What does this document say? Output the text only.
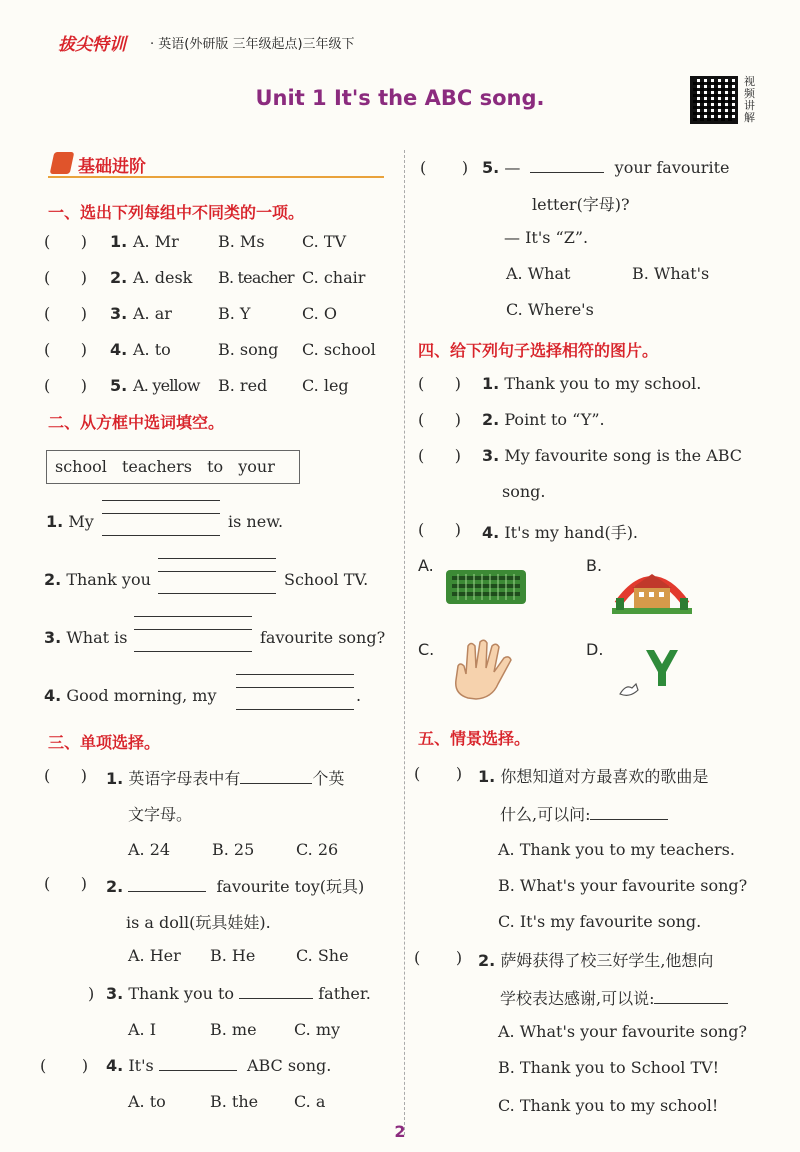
拔尖特训 · 英语(外研版 三年级起点)三年级下
Unit 1 It's the ABC song.
视频讲解
基础进阶
一、选出下列每组中不同类的一项。
(      ) 1. A. Mr B. Ms C. TV
(      ) 2. A. desk B. teacher C. chair
(      ) 3. A. ar	B. Y	C. O
(      ) 4. A. to	B. song C. school
(      ) 5. A. yellow B. red C. leg
二、从方框中选词填空。
school teachers to your
1. My	is new.
2. Thank you	School TV.
3. What is	favourite song?
4. Good morning, my	.
三、单项选择。
(      ) 1. 英语字母表中有	个英
文字母。
A. 24	B. 25	C. 26
(      ) 2.	favourite toy(玩具)
is a doll(玩具娃娃).
A. Her B. He	C. She
) 3. Thank you to	father.
A. I	B. me C. my
(       ) 4. It's	ABC song.
A. to	B. the C. a
(       ) 5. —	your favourite
letter(字母)?
— It's “Z”.
A. What	B. What's
C. Where's
四、给下列句子选择相符的图片。
(      ) 1. Thank you to my school.
(      ) 2. Point to “Y”.
(      ) 3. My favourite song is the ABC
song.
(      ) 4. It's my hand(手).
A.	B.
C.	D.
五、情景选择。
(       ) 1. 你想知道对方最喜欢的歌曲是
什么,可以问:
A. Thank you to my teachers.
B. What's your favourite song?
C. It's my favourite song.
(       ) 2. 萨姆获得了校三好学生,他想向
学校表达感谢,可以说:
A. What's your favourite song?
B. Thank you to School TV!
C. Thank you to my school!
2
